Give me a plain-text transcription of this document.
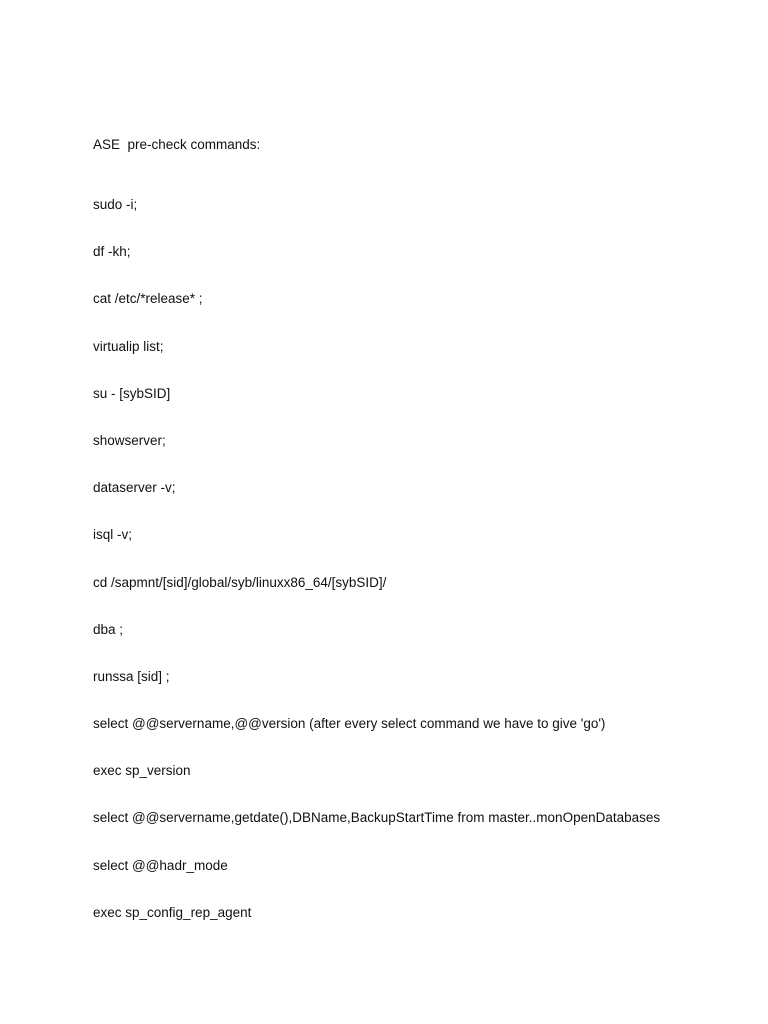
ASE  pre-check commands:

sudo -i;
df -kh;
cat /etc/*release* ;
virtualip list;
su - [sybSID]
showserver;
dataserver -v;
isql -v;
cd /sapmnt/[sid]/global/syb/linuxx86_64/[sybSID]/
dba ;
runssa [sid] ;
select @@servername,@@version (after every select command we have to give 'go')
exec sp_version
select @@servername,getdate(),DBName,BackupStartTime from master..monOpenDatabases
select @@hadr_mode
exec sp_config_rep_agent
